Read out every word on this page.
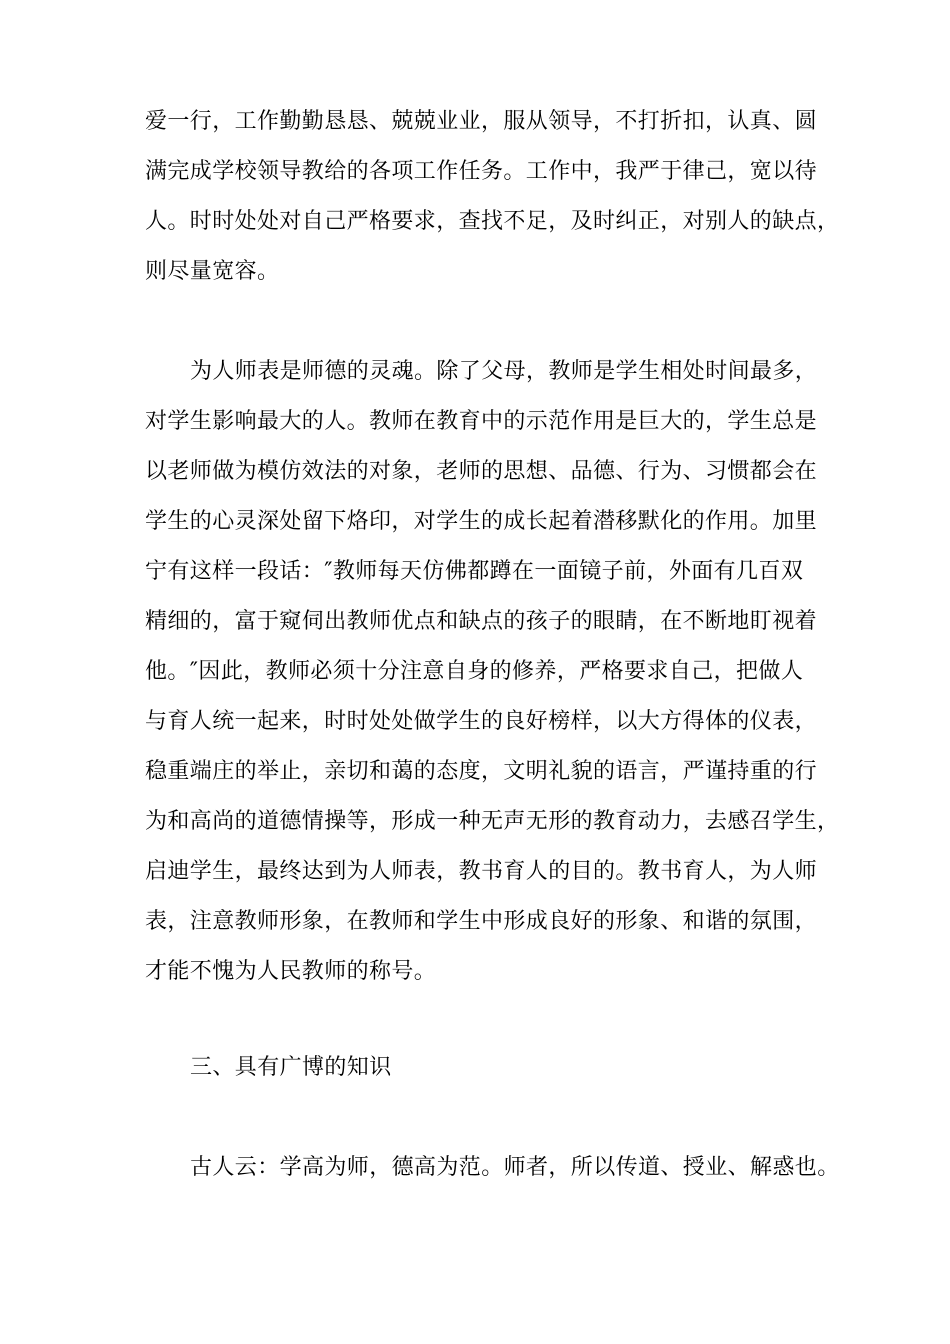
爱一行，工作勤勤恳恳、兢兢业业，服从领导，不打折扣，认真、圆
满完成学校领导教给的各项工作任务。工作中，我严于律己，宽以待
人。时时处处对自己严格要求，查找不足，及时纠正，对别人的缺点，
则尽量宽容。
为人师表是师德的灵魂。除了父母，教师是学生相处时间最多，
对学生影响最大的人。教师在教育中的示范作用是巨大的，学生总是
以老师做为模仿效法的对象，老师的思想、品德、行为、习惯都会在
学生的心灵深处留下烙印，对学生的成长起着潜移默化的作用。加里
宁有这样一段话：″教师每天仿佛都蹲在一面镜子前，外面有几百双
精细的，富于窥伺出教师优点和缺点的孩子的眼睛，在不断地盯视着
他。″因此，教师必须十分注意自身的修养，严格要求自己，把做人
与育人统一起来，时时处处做学生的良好榜样，以大方得体的仪表，
稳重端庄的举止，亲切和蔼的态度，文明礼貌的语言，严谨持重的行
为和高尚的道德情操等，形成一种无声无形的教育动力，去感召学生，
启迪学生，最终达到为人师表，教书育人的目的。教书育人，为人师
表，注意教师形象，在教师和学生中形成良好的形象、和谐的氛围，
才能不愧为人民教师的称号。
三、具有广博的知识
古人云：学高为师，德高为范。师者，所以传道、授业、解惑也。
